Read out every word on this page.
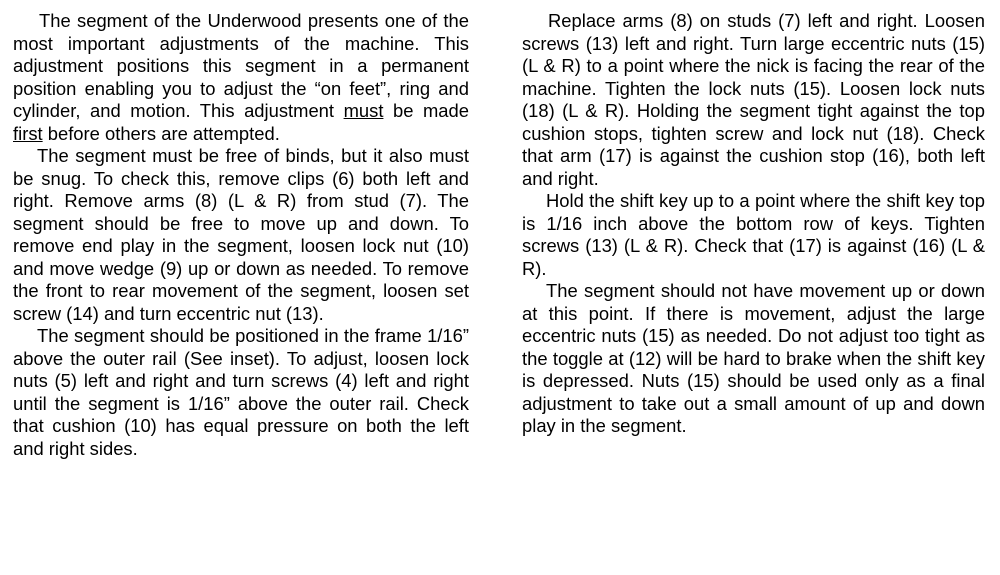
The segment of the Underwood presents one of the most important adjustments of the machine. This adjustment positions this segment in a permanent position enabling you to adjust the “on feet”, ring and cylinder, and motion. This adjustment must be made first before others are attempted.

The segment must be free of binds, but it also must be snug. To check this, remove clips (6) both left and right. Remove arms (8) (L & R) from stud (7). The segment should be free to move up and down. To remove end play in the segment, loosen lock nut (10) and move wedge (9) up or down as needed. To remove the front to rear movement of the segment, loosen set screw (14) and turn eccentric nut (13).

The segment should be positioned in the frame 1/16” above the outer rail (See inset). To adjust, loosen lock nuts (5) left and right and turn screws (4) left and right until the segment is 1/16” above the outer rail. Check that cushion (10) has equal pressure on both the left and right sides.

Replace arms (8) on studs (7) left and right. Loosen screws (13) left and right. Turn large eccentric nuts (15) (L & R) to a point where the nick is facing the rear of the machine. Tighten the lock nuts (15). Loosen lock nuts (18) (L & R). Holding the segment tight against the top cushion stops, tighten screw and lock nut (18). Check that arm (17) is against the cushion stop (16), both left and right.

Hold the shift key up to a point where the shift key top is 1/16 inch above the bottom row of keys. Tighten screws (13) (L & R). Check that (17) is against (16) (L & R).

The segment should not have movement up or down at this point. If there is movement, adjust the large eccentric nuts (15) as needed. Do not adjust too tight as the toggle at (12) will be hard to brake when the shift key is depressed. Nuts (15) should be used only as a final adjustment to take out a small amount of up and down play in the segment.
